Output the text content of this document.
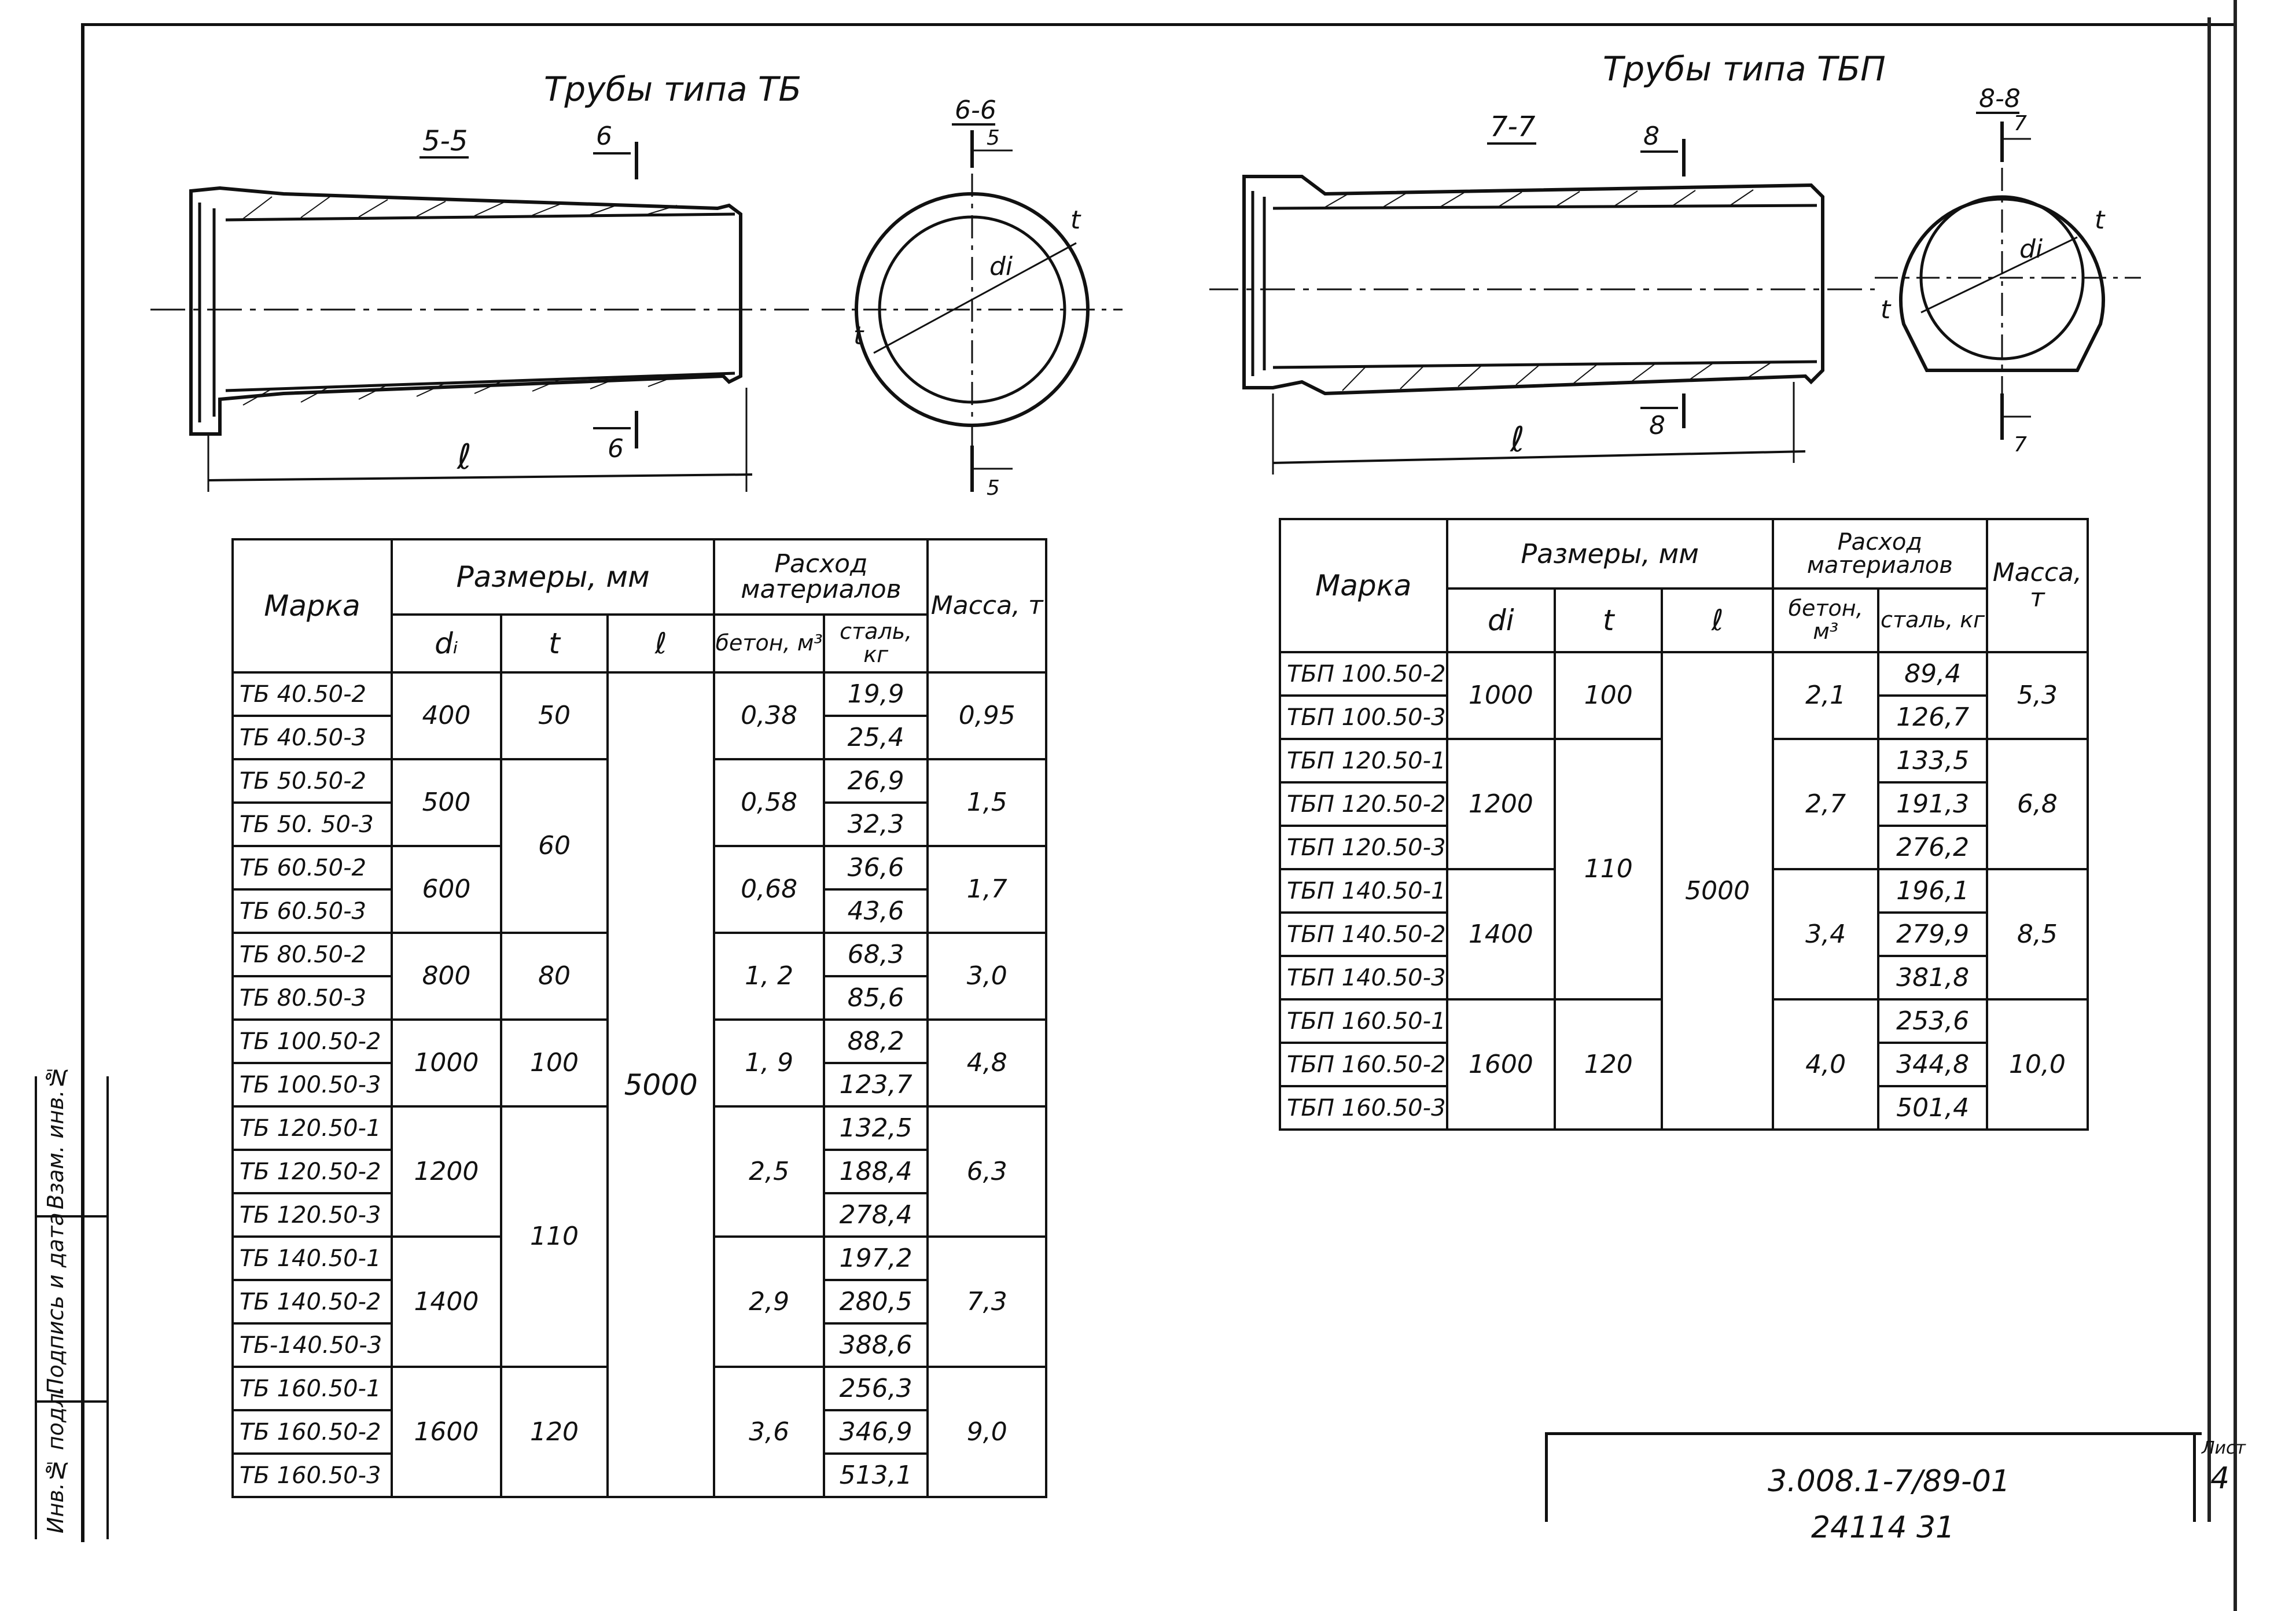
Трубы типа ТБ
Трубы типа ТБП
5-5	6
6
ℓ
6-6
5
di
t
t
5
7-7	8
8
ℓ
8-8
7
di
t
t
7
Марка	Размеры, мм			Расход материалов		Масса, т
	dᵢ	t	ℓ	бетон, м³	сталь, кг	
ТБ 40.50-2	400	50	5000	0,38	19,9	0,95
ТБ 40.50-3					25,4	
ТБ 50.50-2	500	60		0,58	26,9	1,5
ТБ 50. 50-3					32,3	
ТБ 60.50-2	600			0,68	36,6	1,7
ТБ 60.50-3					43,6	
ТБ 80.50-2	800	80		1, 2	68,3	3,0
ТБ 80.50-3					85,6	
ТБ 100.50-2	1000	100		1, 9	88,2	4,8
ТБ 100.50-3					123,7	
ТБ 120.50-1	1200	110		2,5	132,5	6,3
ТБ 120.50-2					188,4	
ТБ 120.50-3					278,4	
ТБ 140.50-1	1400			2,9	197,2	7,3
ТБ 140.50-2					280,5	
ТБ-140.50-3					388,6	
ТБ 160.50-1	1600	120		3,6	256,3	9,0
ТБ 160.50-2					346,9	
ТБ 160.50-3					513,1	
Марка	Размеры, мм			Расход материалов		Масса, т
	di	t	ℓ	бетон, м³	сталь, кг	
ТБП 100.50-2	1000	100	5000	2,1	89,4	5,3
ТБП 100.50-3					126,7	
ТБП 120.50-1	1200	110		2,7	133,5	6,8
ТБП 120.50-2					191,3	
ТБП 120.50-3					276,2	
ТБП 140.50-1	1400			3,4	196,1	8,5
ТБП 140.50-2					279,9	
ТБП 140.50-3					381,8	
ТБП 160.50-1	1600	120		4,0	253,6	10,0
ТБП 160.50-2					344,8	
ТБП 160.50-3					501,4	
3.008.1-7/89-01
Лист
4
24114 31
Взам. инв.№
Подпись и дата
Инв.№ подл.
